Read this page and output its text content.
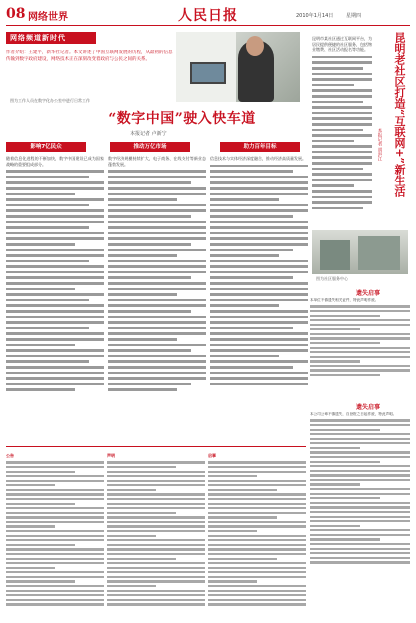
08 网络世界	人民日报	2010年1月14日	星期四
网络频道新时代
作者介绍：王建平，新华社记者。本文讲述了中国互联网发展的历程，从最初的信息传输到数字政府建设，网络技术正在深刻改变着政府与公民之间的关系。
图为工作人员在数字化办公室中进行日常工作
“数字中国”驶入快车道
本报记者 卢新宁
影响7亿民众	推动万亿市场	助力百年目标
随着信息化进程的不断加快，数字中国建设已成为国家战略的重要组成部分。
数字经济规模持续扩大，电子商务、在线支付等新业态蓬勃发展。
信息技术与实体经济深度融合，推动经济高质量发展。
昆明市某社区通过互联网平台，为居民提供便捷的社区服务，包括物业缴费、社区活动报名等功能。	昆明老社区打造“互联网+”新生活
本报记者 胡洪江
图为社区服务中心
遗失启事
本单位不慎遗失相关证件，特此声明作废。
遗失启事
本公司公章不慎遗失，自登报之日起作废，特此声明。
公告	声明	启事
